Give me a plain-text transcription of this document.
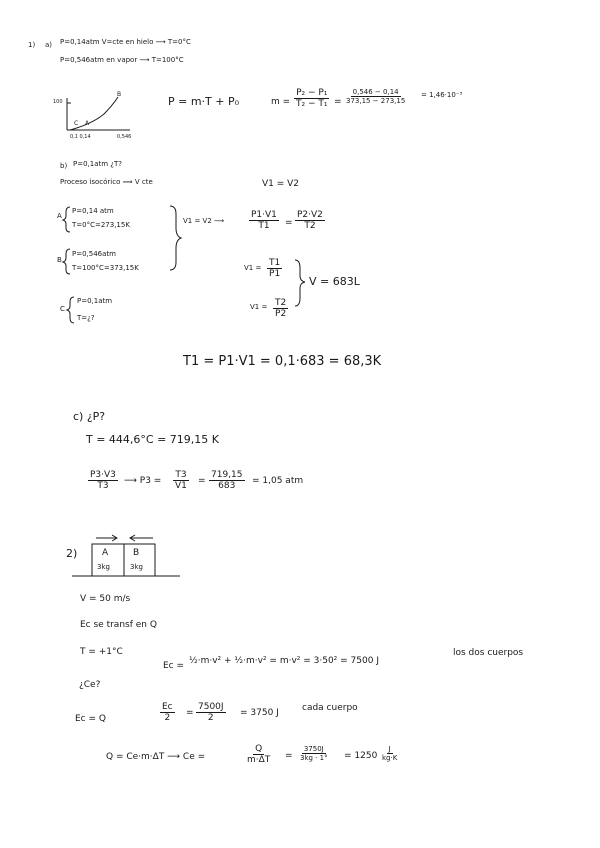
1) a) P=0,14atm V=cte en hielo ⟶ T=0°C
P=0,546atm en vapor ⟶ T=100°C
100
C A
B
0,1 0,14	0,546
P = m·T + P₀	$m = \frac{\text{P₂ − P₁}}{\text{T₂ − T₁}} = \frac{0,546 - 0,14}{373,15 - 273,15} = 1,46\cdot 10^{-3}$
b) P=0,1atm ¿T?
Proceso isocórico ⟹ V cte	V1 = V2
A
P=0,14 atm
T=0°C=273,15K
B
P=0,546atm
T=100°C=373,15K
C
P=0,1atm
T=¿?
V1 = V2 ⟶	$\frac{P1\cdot V1}{T1} = \frac{P2\cdot V2}{T2}$
$V1 = \frac{T1}{P1}$
$V1 = \frac{T2}{P2}$
V = 683L
T1 = P1·V1 = 0,1·683 = 68,3K
c) ¿P?
T = 444,6°C = 719,15 K
$\frac{P3\cdot V3}{T3}$ ⟶ $P3 = \frac{T3}{V1} = \frac{719,15}{683} = 1,05$ atm
2)	A
3kg
B
3kg
V = 50 m/s
Ec se transf en Q
T = +1°C
Ec = ½·m·v² + ½·m·v² = m·v² = 3·50² = 7500 J
los dos cuerpos
¿Ce?
Ec = Q	$\frac{Ec}{2} = \frac{7500J}{2} = 3750$ J	cada cuerpo
Q = Ce·m·ΔT ⟶ Ce =	$\frac{Q}{m\cdot\Delta T} = \frac{3750J}{3kg \cdot 1^\circ} = 1250 \frac{J}{kg\cdot K}$
